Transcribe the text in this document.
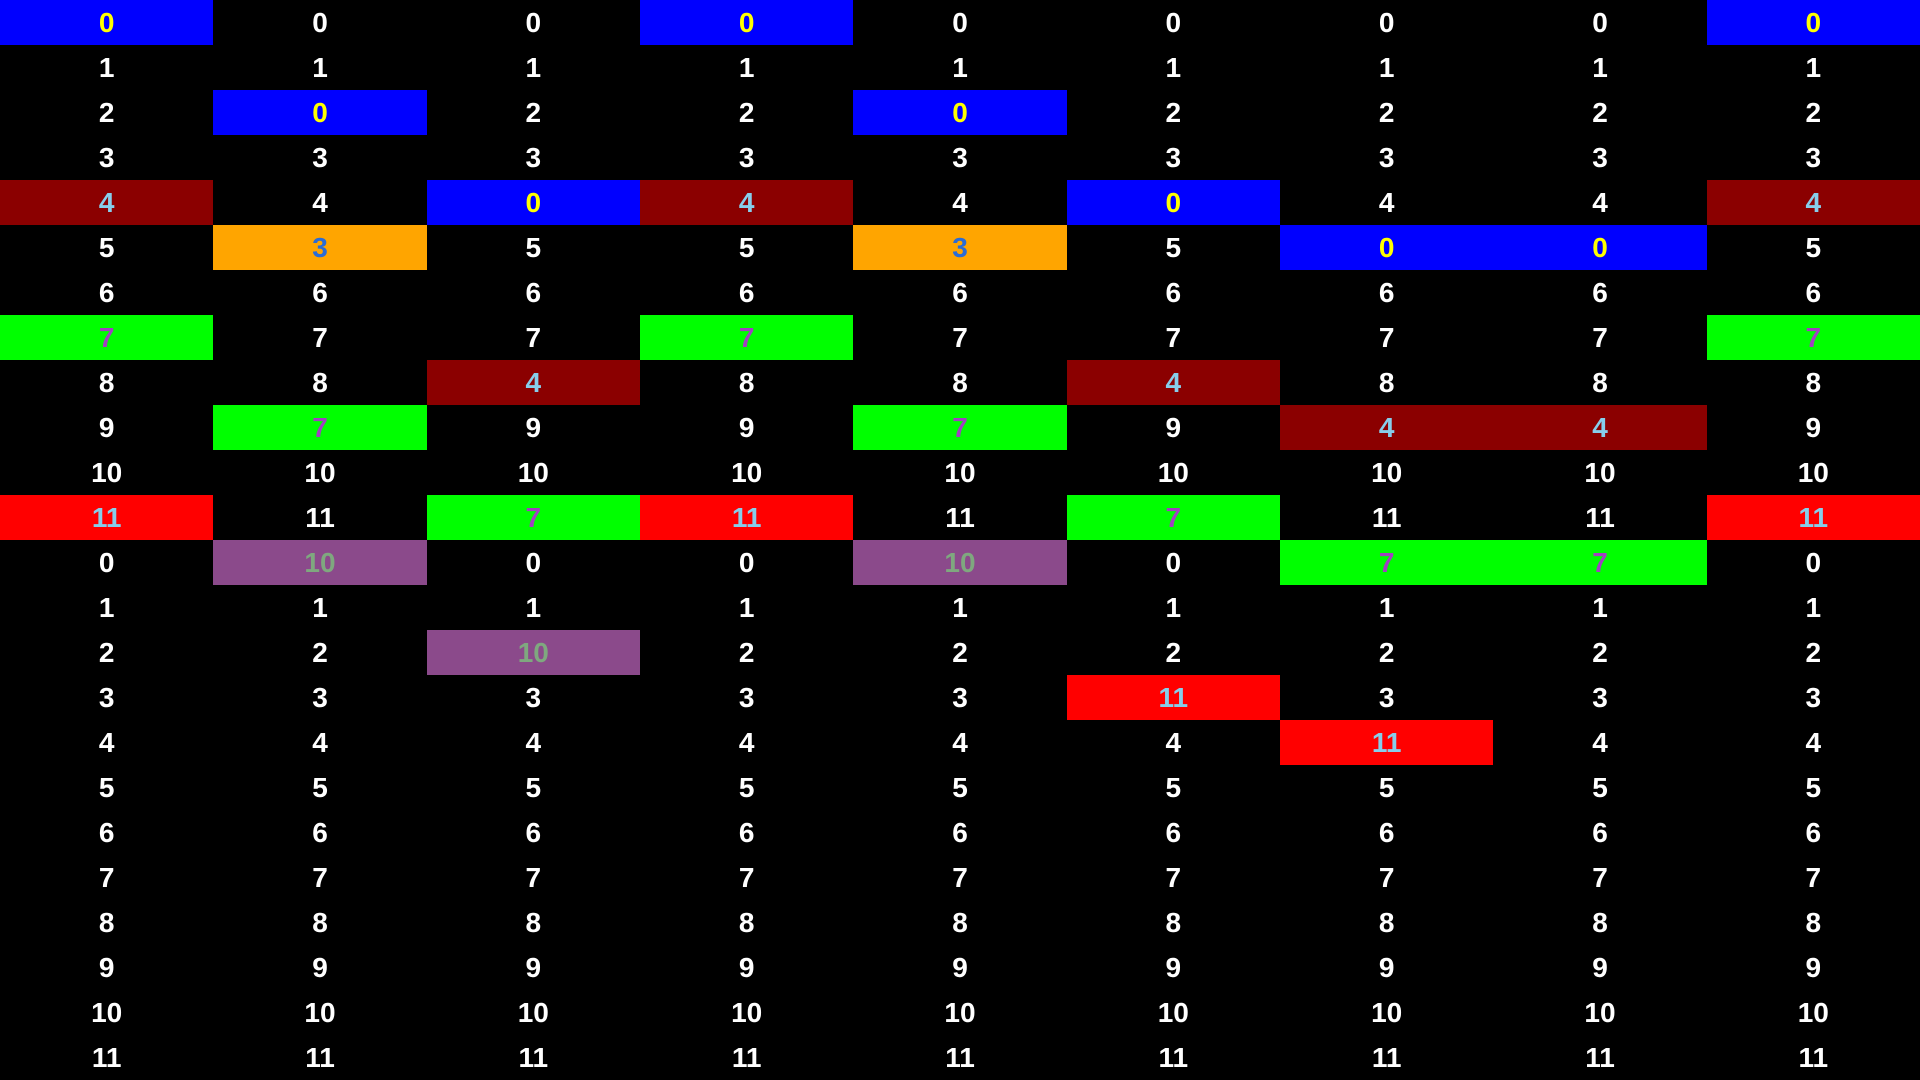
0	0	0	0	0	0	0	0	0
1	1	1	1	1	1	1	1	1
2	0	2	2	0	2	2	2	2
3	3	3	3	3	3	3	3	3
4	4	0	4	4	0	4	4	4
5	3	5	5	3	5	0	0	5
6	6	6	6	6	6	6	6	6
7	7	7	7	7	7	7	7	7
8	8	4	8	8	4	8	8	8
9	7	9	9	7	9	4	4	9
10	10	10	10	10	10	10	10	10
11	11	7	11	11	7	11	11	11
0	10	0	0	10	0	7	7	0
1	1	1	1	1	1	1	1	1
2	2	10	2	2	2	2	2	2
3	3	3	3	3	11	3	3	3
4	4	4	4	4	4	11	4	4
5	5	5	5	5	5	5	5	5
6	6	6	6	6	6	6	6	6
7	7	7	7	7	7	7	7	7
8	8	8	8	8	8	8	8	8
9	9	9	9	9	9	9	9	9
10	10	10	10	10	10	10	10	10
11	11	11	11	11	11	11	11	11
